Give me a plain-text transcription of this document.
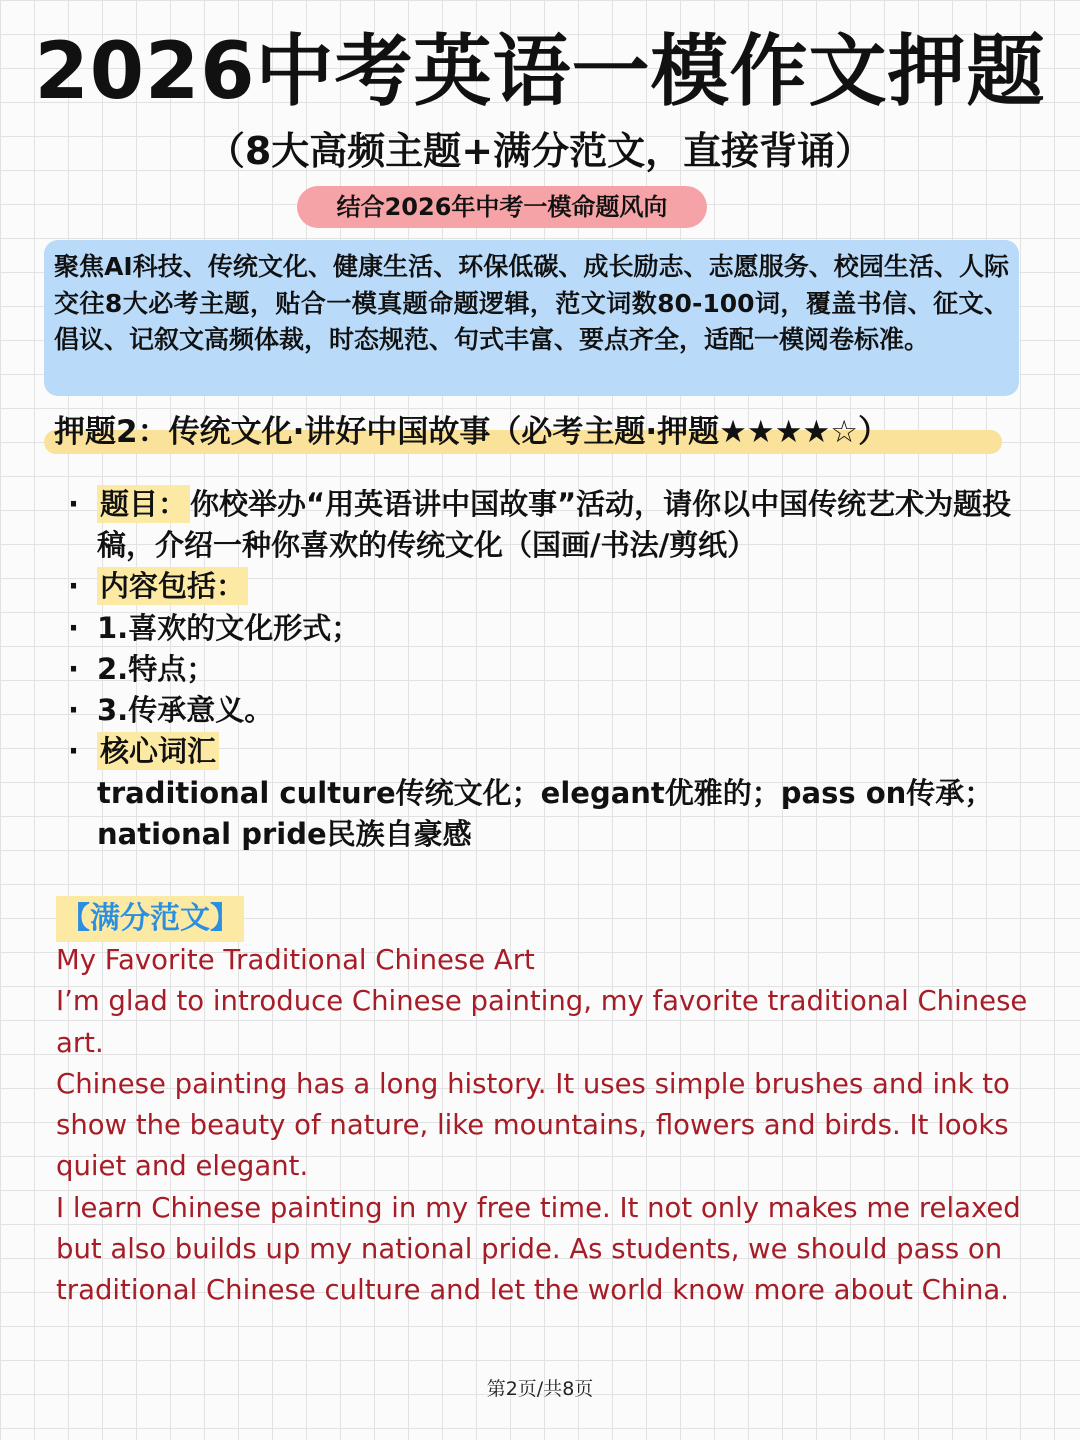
2026中考英语一模作文押题
（8大高频主题+满分范文，直接背诵）
结合2026年中考一模命题风向
聚焦AI科技、传统文化、健康生活、环保低碳、成长励志、志愿服务、校园生活、人际交往8大必考主题，贴合一模真题命题逻辑，范文词数80-100词，覆盖书信、征文、倡议、记叙文高频体裁，时态规范、句式丰富、要点齐全，适配一模阅卷标准。
押题2：传统文化·讲好中国故事（必考主题·押题★★★★☆）
· 题目： 你校举办“用英语讲中国故事”活动，请你以中国传统艺术为题投稿，介绍一种你喜欢的传统文化（国画/书法/剪纸）
· 内容包括：
· 1.喜欢的文化形式；
· 2.特点；
· 3.传承意义。
· 核心词汇
traditional culture传统文化；elegant优雅的；pass on传承；national pride民族自豪感
【满分范文】

My Favorite Traditional Chinese Art

I’m glad to introduce Chinese painting, my favorite traditional Chinese art.

Chinese painting has a long history. It uses simple brushes and ink to show the beauty of nature, like mountains, flowers and birds. It looks quiet and elegant.

I learn Chinese painting in my free time. It not only makes me relaxed but also builds up my national pride. As students, we should pass on traditional Chinese culture and let the world know more about China.

第2页/共8页
